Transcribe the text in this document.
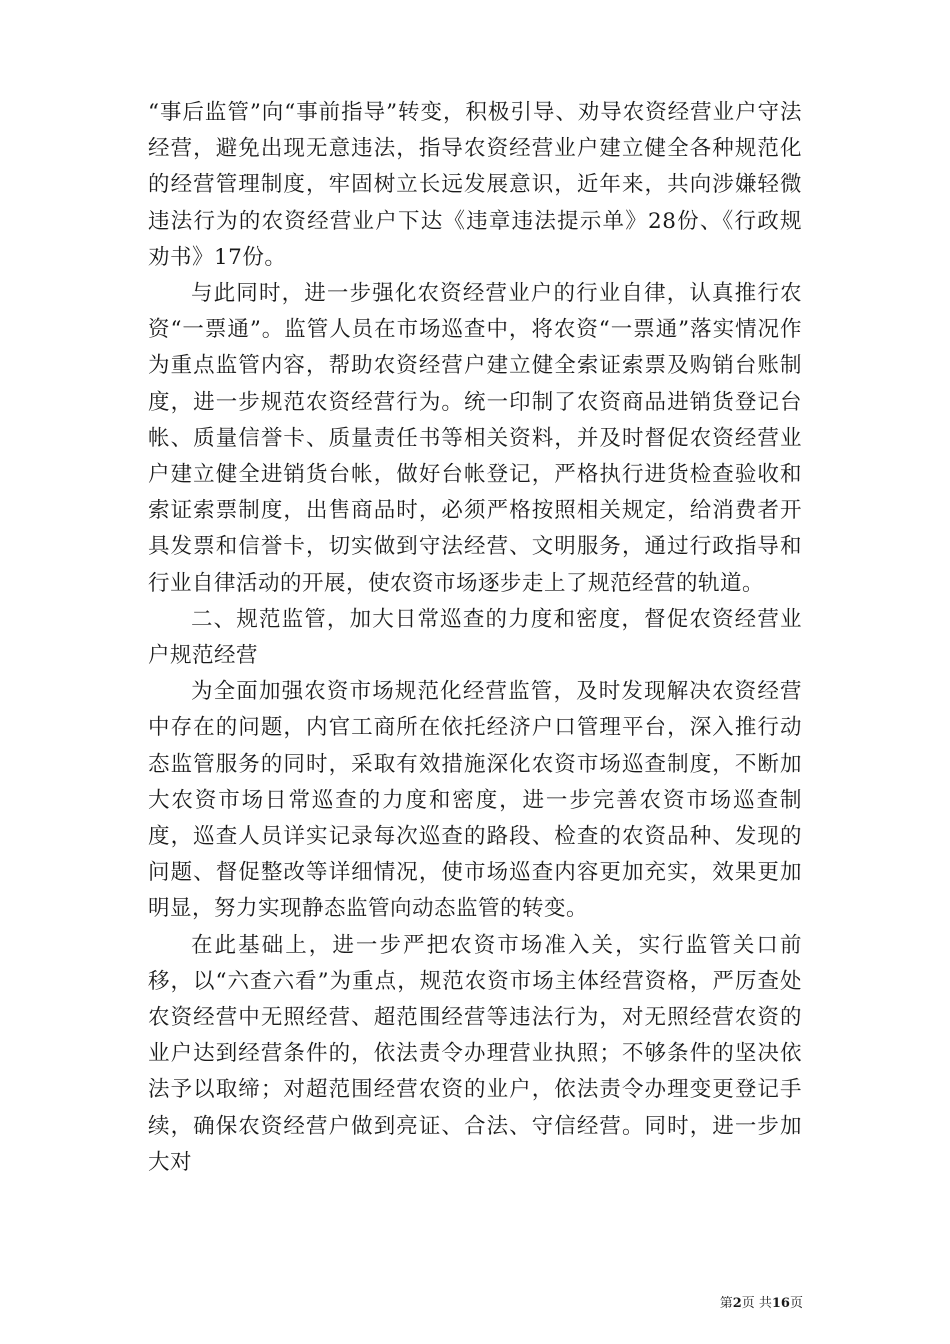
“事后监管”向“事前指导”转变，积极引导、劝导农资经营业户守法经营，避免出现无意违法，指导农资经营业户建立健全各种规范化的经营管理制度，牢固树立长远发展意识，近年来，共向涉嫌轻微违法行为的农资经营业户下达《违章违法提示单》28份、《行政规劝书》17份。

与此同时，进一步强化农资经营业户的行业自律，认真推行农资“一票通”。监管人员在市场巡查中，将农资“一票通”落实情况作为重点监管内容，帮助农资经营户建立健全索证索票及购销台账制度，进一步规范农资经营行为。统一印制了农资商品进销货登记台帐、质量信誉卡、质量责任书等相关资料，并及时督促农资经营业户建立健全进销货台帐，做好台帐登记，严格执行进货检查验收和索证索票制度，出售商品时，必须严格按照相关规定，给消费者开具发票和信誉卡，切实做到守法经营、文明服务，通过行政指导和行业自律活动的开展，使农资市场逐步走上了规范经营的轨道。

二、规范监管，加大日常巡查的力度和密度，督促农资经营业户规范经营

为全面加强农资市场规范化经营监管，及时发现解决农资经营中存在的问题，内官工商所在依托经济户口管理平台，深入推行动态监管服务的同时，采取有效措施深化农资市场巡查制度，不断加大农资市场日常巡查的力度和密度，进一步完善农资市场巡查制度，巡查人员详实记录每次巡查的路段、检查的农资品种、发现的问题、督促整改等详细情况，使市场巡查内容更加充实，效果更加明显，努力实现静态监管向动态监管的转变。

在此基础上，进一步严把农资市场准入关，实行监管关口前移，以“六查六看”为重点，规范农资市场主体经营资格，严厉查处农资经营中无照经营、超范围经营等违法行为，对无照经营农资的业户达到经营条件的，依法责令办理营业执照；不够条件的坚决依法予以取缔；对超范围经营农资的业户，依法责令办理变更登记手续，确保农资经营户做到亮证、合法、守信经营。同时，进一步加大对

第2页 共16页
